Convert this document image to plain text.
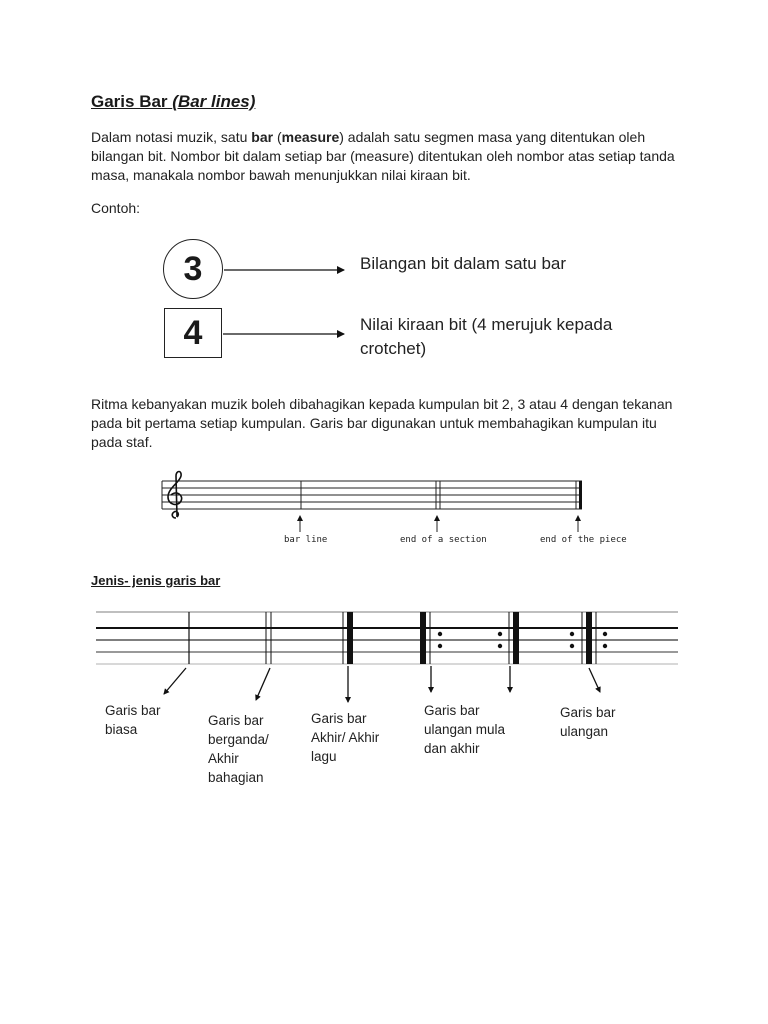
Garis Bar (Bar lines)

Dalam notasi muzik, satu bar (measure) adalah satu segmen masa yang ditentukan oleh bilangan bit. Nombor bit dalam setiap bar (measure) ditentukan oleh nombor atas setiap tanda masa, manakala nombor bawah menunjukkan nilai kiraan bit.

Contoh:

3
4
Bilangan bit dalam satu bar
Nilai kiraan bit (4 merujuk kepada crotchet)

Ritma kebanyakan muzik boleh dibahagikan kepada kumpulan bit 2, 3 atau 4 dengan tekanan pada bit pertama setiap kumpulan. Garis bar digunakan untuk membahagikan kumpulan itu pada staf.

bar line	end of a section	end of the piece
Jenis- jenis garis bar
Garis bar biasa
Garis bar berganda/ Akhir bahagian
Garis bar Akhir/ Akhir lagu
Garis bar ulangan mula dan akhir
Garis bar ulangan
